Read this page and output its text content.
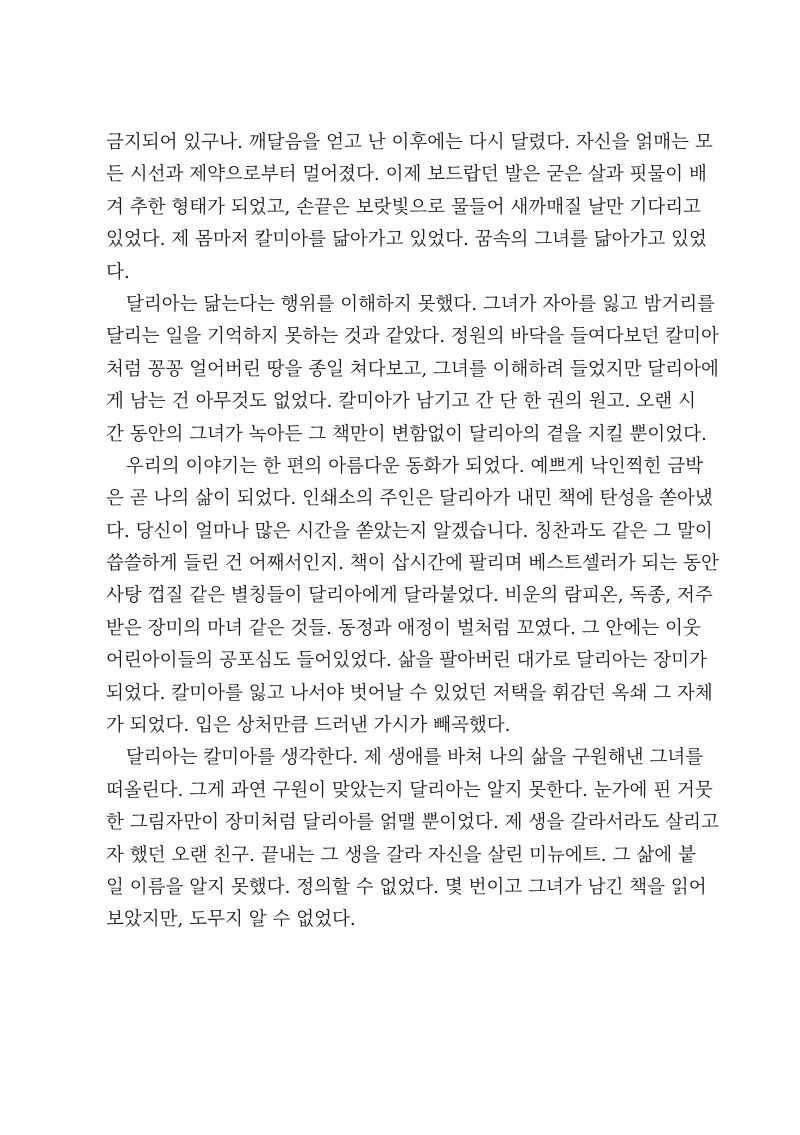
금지되어 있구나. 깨달음을 얻고 난 이후에는 다시 달렸다. 자신을 얽매는 모
든 시선과 제약으로부터 멀어졌다. 이제 보드랍던 발은 굳은 살과 핏물이 배
겨 추한 형태가 되었고, 손끝은 보랏빛으로 물들어 새까매질 날만 기다리고
있었다. 제 몸마저 칼미아를 닮아가고 있었다. 꿈속의 그녀를 닮아가고 있었
다.
달리아는 닮는다는 행위를 이해하지 못했다. 그녀가 자아를 잃고 밤거리를
달리는 일을 기억하지 못하는 것과 같았다. 정원의 바닥을 들여다보던 칼미아
처럼 꽁꽁 얼어버린 땅을 종일 쳐다보고, 그녀를 이해하려 들었지만 달리아에
게 남는 건 아무것도 없었다. 칼미아가 남기고 간 단 한 권의 원고. 오랜 시
간 동안의 그녀가 녹아든 그 책만이 변함없이 달리아의 곁을 지킬 뿐이었다.
우리의 이야기는 한 편의 아름다운 동화가 되었다. 예쁘게 낙인찍힌 금박
은 곧 나의 삶이 되었다. 인쇄소의 주인은 달리아가 내민 책에 탄성을 쏟아냈
다. 당신이 얼마나 많은 시간을 쏟았는지 알겠습니다. 칭찬과도 같은 그 말이
씁쓸하게 들린 건 어째서인지. 책이 삽시간에 팔리며 베스트셀러가 되는 동안
사탕 껍질 같은 별칭들이 달리아에게 달라붙었다. 비운의 람피온, 독종, 저주
받은 장미의 마녀 같은 것들. 동정과 애정이 벌처럼 꼬였다. 그 안에는 이웃
어린아이들의 공포심도 들어있었다. 삶을 팔아버린 대가로 달리아는 장미가
되었다. 칼미아를 잃고 나서야 벗어날 수 있었던 저택을 휘감던 옥쇄 그 자체
가 되었다. 입은 상처만큼 드러낸 가시가 빼곡했다.
달리아는 칼미아를 생각한다. 제 생애를 바쳐 나의 삶을 구원해낸 그녀를
떠올린다. 그게 과연 구원이 맞았는지 달리아는 알지 못한다. 눈가에 핀 거뭇
한 그림자만이 장미처럼 달리아를 얽맬 뿐이었다. 제 생을 갈라서라도 살리고
자 했던 오랜 친구. 끝내는 그 생을 갈라 자신을 살린 미뉴에트. 그 삶에 붙
일 이름을 알지 못했다. 정의할 수 없었다. 몇 번이고 그녀가 남긴 책을 읽어
보았지만, 도무지 알 수 없었다.
